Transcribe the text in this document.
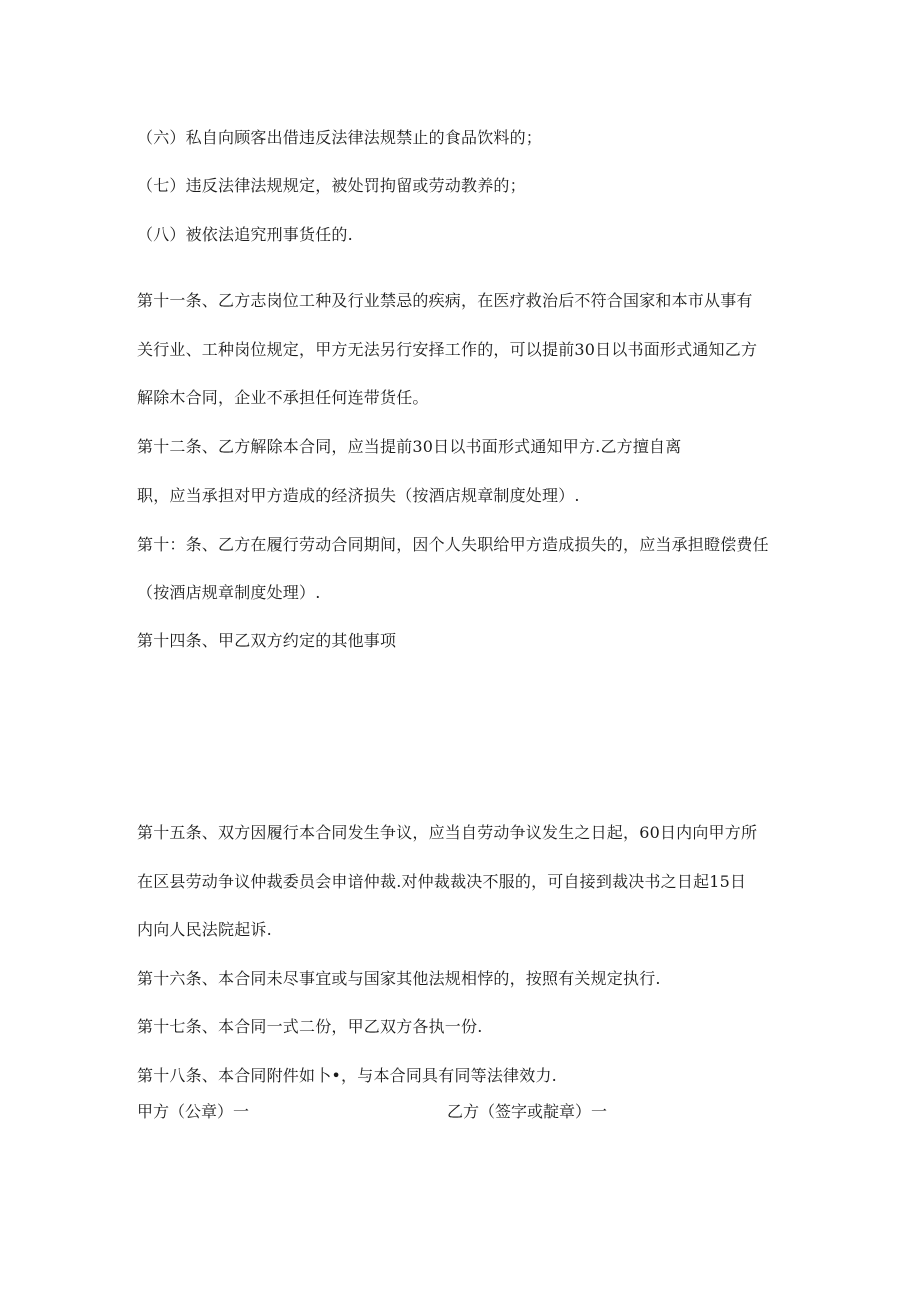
（六）私自向顾客出借违反法律法规禁止的食品饮料的；
（七）违反法律法规规定，被处罚拘留或劳动教养的；
（八）被依法追究刑事货任的.
第十一条、乙方志岗位工种及行业禁忌的疾病，在医疗救治后不符合国家和本市从事有
关行业、工种岗位规定，甲方无法另行安择工作的，可以提前30日以书面形式通知乙方
解除木合同，企业不承担任何连带货任。
第十二条、乙方解除本合同，应当提前30日以书面形式通知甲方.乙方擅自离
职，应当承担对甲方造成的经济损失（按酒店规章制度处理）.
第十：条、乙方在履行劳动合同期间，因个人失职给甲方造成损失的，应当承担瞪偿费任
（按酒店规章制度处理）.
第十四条、甲乙双方约定的其他事项
第十五条、双方因履行本合同发生争议，应当自劳动争议发生之日起，60日内向甲方所
在区县劳动争议仲裁委员会申谙仲裁.对仲裁裁决不服的，可自接到裁决书之日起15日
内向人民法院起诉.
第十六条、本合同未尽事宜或与国家其他法规相悖的，按照有关规定执行.
第十七条、本合同一式二份，甲乙双方各执一份.
第十八条、本合同附件如卜•，与本合同具有同等法律效力.
甲方（公章）一	乙方（签字或靛章）一
